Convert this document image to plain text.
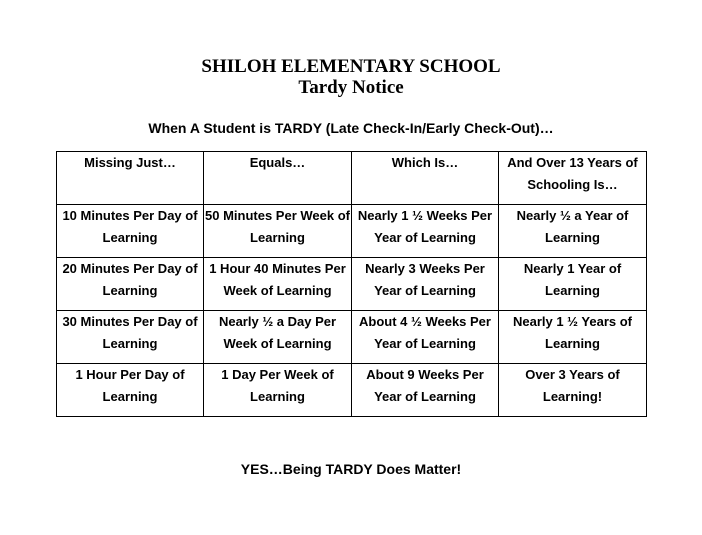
SHILOH ELEMENTARY SCHOOL
Tardy Notice
When A Student is TARDY (Late Check-In/Early Check-Out)…
Missing Just…	Equals…	Which Is…	And Over 13 Years of Schooling Is…
10 Minutes Per Day of Learning	50 Minutes Per Week of Learning	Nearly 1 ½ Weeks Per Year of Learning	Nearly ½ a Year of Learning
20 Minutes Per Day of Learning	1 Hour 40 Minutes Per Week of Learning	Nearly 3 Weeks Per Year of Learning	Nearly 1 Year of Learning
30 Minutes Per Day of Learning	Nearly ½ a Day Per Week of Learning	About 4 ½ Weeks Per Year of Learning	Nearly 1 ½ Years of Learning
1 Hour Per Day of Learning	1 Day Per Week of Learning	About 9 Weeks Per Year of Learning	Over 3 Years of Learning!
YES…Being TARDY Does Matter!
